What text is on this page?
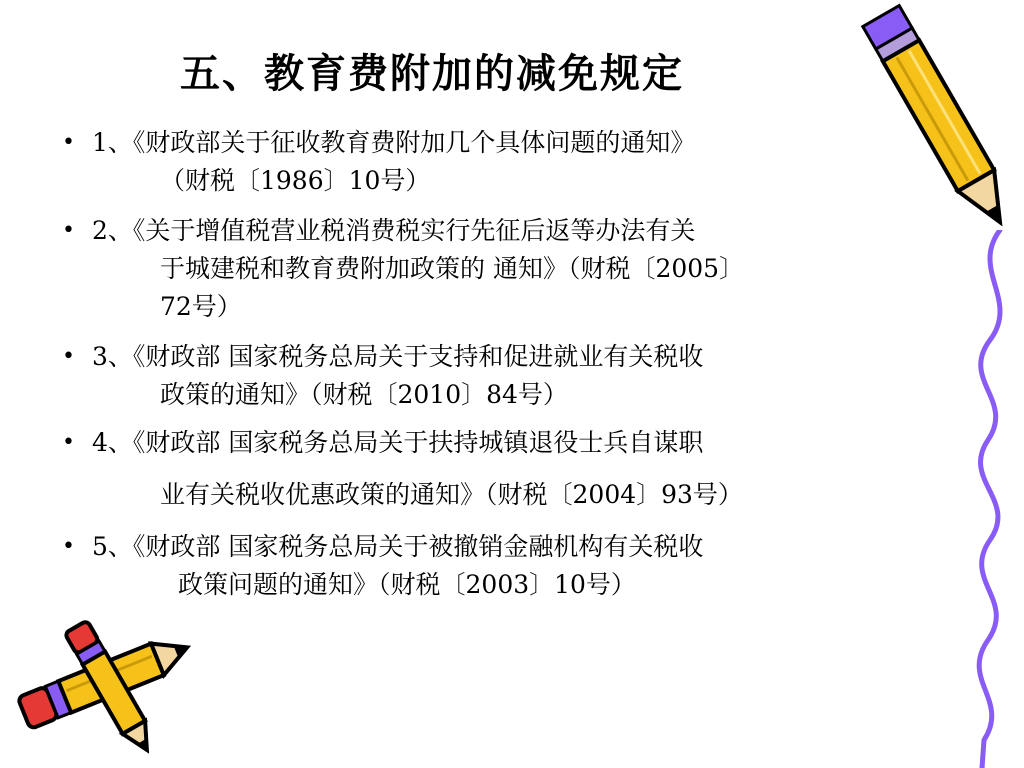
五、教育费附加的减免规定
• 1、《财政部关于征收教育费附加几个具体问题的通知》
（财税〔1986〕10号）
• 2、《关于增值税营业税消费税实行先征后返等办法有关
于城建税和教育费附加政策的 通知》（财税〔2005〕
72号）
• 3、《财政部 国家税务总局关于支持和促进就业有关税收
政策的通知》（财税〔2010〕84号）
• 4、《财政部 国家税务总局关于扶持城镇退役士兵自谋职
业有关税收优惠政策的通知》（财税〔2004〕93号）
• 5、《财政部 国家税务总局关于被撤销金融机构有关税收
政策问题的通知》（财税〔2003〕10号）
